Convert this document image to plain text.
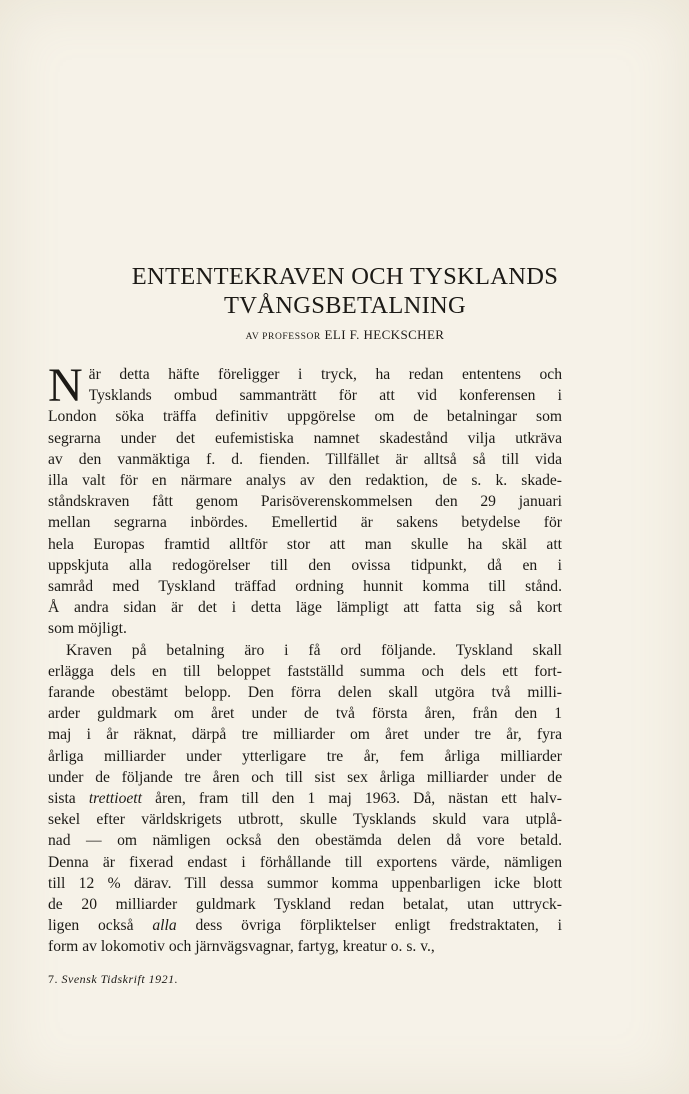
ENTENTEKRAVEN OCH TYSKLANDS
TVÅNGSBETALNING
AV PROFESSOR ELI F. HECKSCHER
N är detta häfte föreligger i tryck, ha redan ententens och
Tysklands ombud sammanträtt för att vid konferensen i
London söka träffa definitiv uppgörelse om de betalningar som
segrarna under det eufemistiska namnet skadestånd vilja utkräva
av den vanmäktiga f. d. fienden. Tillfället är alltså så till vida
illa valt för en närmare analys av den redaktion, de s. k. skade-
ståndskraven fått genom Parisöverenskommelsen den 29 januari
mellan segrarna inbördes. Emellertid är sakens betydelse för
hela Europas framtid alltför stor att man skulle ha skäl att
uppskjuta alla redogörelser till den ovissa tidpunkt, då en i
samråd med Tyskland träffad ordning hunnit komma till stånd.
Å andra sidan är det i detta läge lämpligt att fatta sig så kort
som möjligt.
Kraven på betalning äro i få ord följande. Tyskland skall
erlägga dels en till beloppet fastställd summa och dels ett fort-
farande obestämt belopp. Den förra delen skall utgöra två milli-
arder guldmark om året under de två första åren, från den 1
maj i år räknat, därpå tre milliarder om året under tre år, fyra
årliga milliarder under ytterligare tre år, fem årliga milliarder
under de följande tre åren och till sist sex årliga milliarder under de
sista trettioett åren, fram till den 1 maj 1963. Då, nästan ett halv-
sekel efter världskrigets utbrott, skulle Tysklands skuld vara utplå-
nad — om nämligen också den obestämda delen då vore betald.
Denna är fixerad endast i förhållande till exportens värde, nämligen
till 12 % därav. Till dessa summor komma uppenbarligen icke blott
de 20 milliarder guldmark Tyskland redan betalat, utan uttryck-
ligen också alla dess övriga förpliktelser enligt fredstraktaten, i
form av lokomotiv och järnvägsvagnar, fartyg, kreatur o. s. v.,
7. Svensk Tidskrift 1921.
